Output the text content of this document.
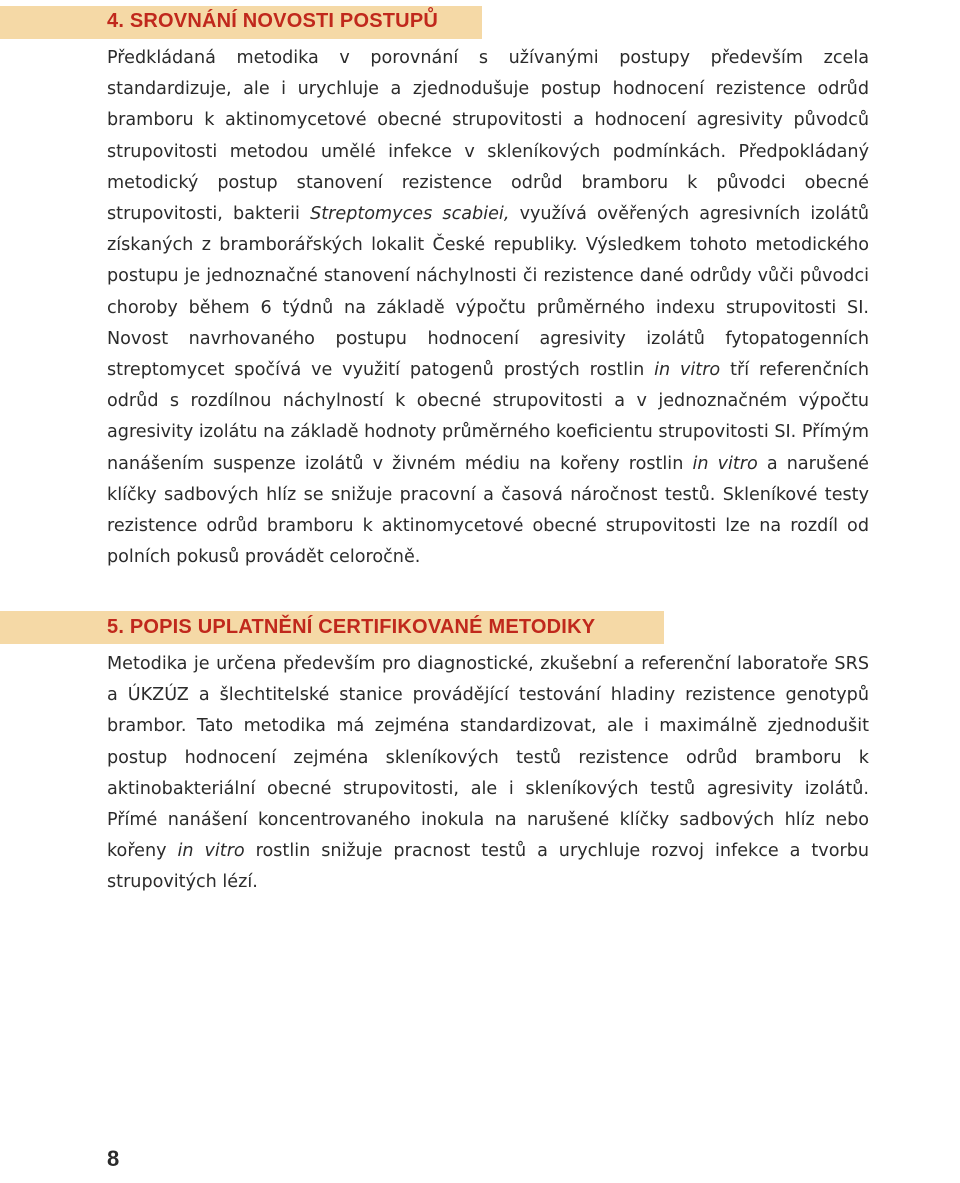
4. SROVNÁNÍ NOVOSTI POSTUPŮ

Předkládaná metodika v porovnání s užívanými postupy především zcela standardizuje, ale i urychluje a zjednodušuje postup hodnocení rezistence odrůd bramboru k aktinomycetové obecné strupovitosti a hodnocení agresivity původců strupovitosti metodou umělé infekce v skleníkových podmínkách. Předpokládaný metodický postup stanovení rezistence odrůd bramboru k původci obecné strupovitosti, bakterii Streptomyces scabiei, využívá ověřených agresivních izolátů získaných z bramborářských lokalit České republiky. Výsledkem tohoto metodického postupu je jednoznačné stanovení náchylnosti či rezistence dané odrůdy vůči původci choroby během 6 týdnů na základě výpočtu průměrného indexu strupovitosti SI. Novost navrhovaného postupu hodnocení agresivity izolátů fytopatogenních streptomycet spočívá ve využití patogenů prostých rostlin in vitro tří referenčních odrůd s rozdílnou náchylností k obecné strupovitosti a v jednoznačném výpočtu agresivity izolátu na základě hodnoty průměrného koeficientu strupovitosti SI. Přímým nanášením suspenze izolátů v živném médiu na kořeny rostlin in vitro a narušené klíčky sadbových hlíz se snižuje pracovní a časová náročnost testů. Skleníkové testy rezistence odrůd bramboru k aktinomycetové obecné strupovitosti lze na rozdíl od polních pokusů provádět celoročně.

5. POPIS UPLATNĚNÍ CERTIFIKOVANÉ METODIKY

Metodika je určena především pro diagnostické, zkušební a referenční laboratoře SRS a ÚKZÚZ a šlechtitelské stanice provádějící testování hladiny rezistence genotypů brambor. Tato metodika má zejména standardizovat, ale i maximálně zjednodušit postup hodnocení zejména skleníkových testů rezistence odrůd bramboru k aktinobakteriální obecné strupovitosti, ale i skleníkových testů agresivity izolátů. Přímé nanášení koncentrovaného inokula na narušené klíčky sadbových hlíz nebo kořeny in vitro rostlin snižuje pracnost testů a urychluje rozvoj infekce a tvorbu strupovitých lézí.

8
